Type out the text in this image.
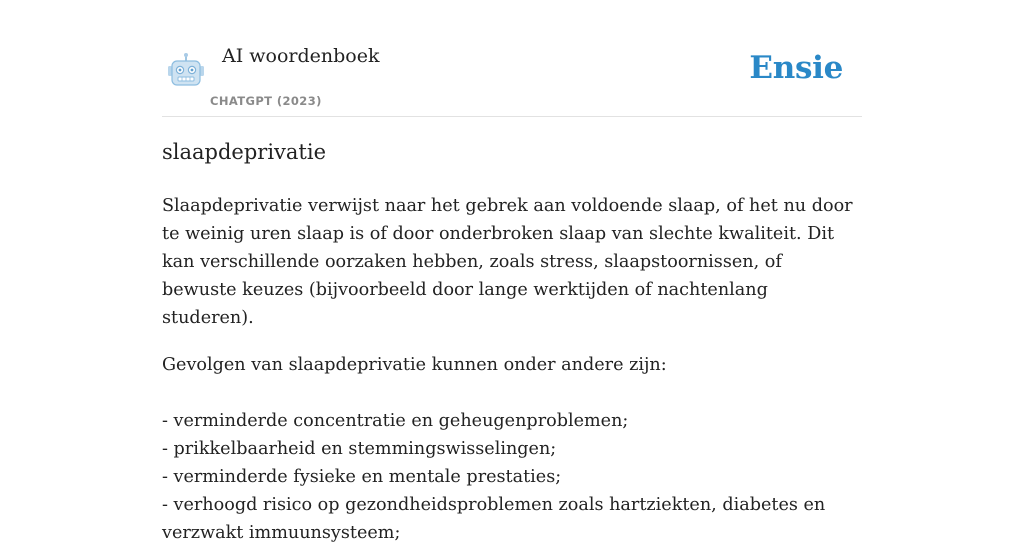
AI woordenboek
CHATGPT (2023)
Ensie
slaapdeprivatie

Slaapdeprivatie verwijst naar het gebrek aan voldoende slaap, of het nu door te weinig uren slaap is of door onderbroken slaap van slechte kwaliteit. Dit kan verschillende oorzaken hebben, zoals stress, slaapstoornissen, of bewuste keuzes (bijvoorbeeld door lange werktijden of nachtenlang studeren).

Gevolgen van slaapdeprivatie kunnen onder andere zijn:

- verminderde concentratie en geheugenproblemen;
- prikkelbaarheid en stemmingswisselingen;
- verminderde fysieke en mentale prestaties;
- verhoogd risico op gezondheidsproblemen zoals hartziekten, diabetes en
verzwakt immuunsysteem;
